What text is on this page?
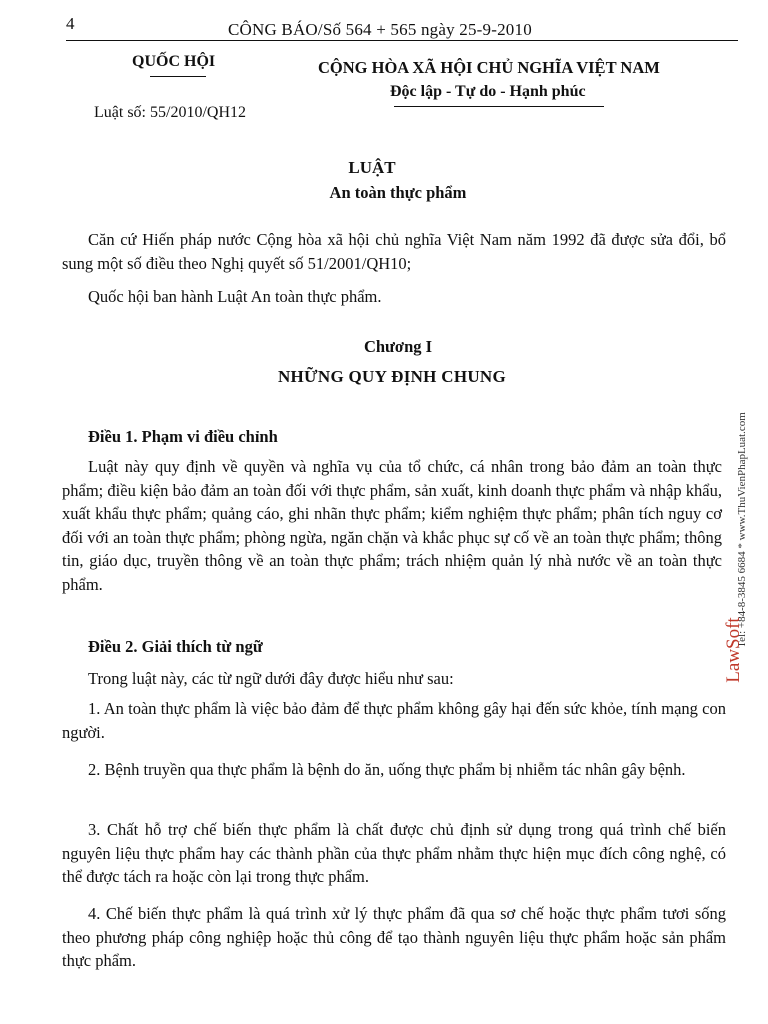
4	CÔNG BÁO/Số 564 + 565 ngày 25-9-2010
QUỐC HỘI
Luật số: 55/2010/QH12
CỘNG HÒA XÃ HỘI CHỦ NGHĨA VIỆT NAM
Độc lập - Tự do - Hạnh phúc
LUẬT
An toàn thực phẩm
Căn cứ Hiến pháp nước Cộng hòa xã hội chủ nghĩa Việt Nam năm 1992 đã được sửa đổi, bổ sung một số điều theo Nghị quyết số 51/2001/QH10;
Quốc hội ban hành Luật An toàn thực phẩm.
Chương I
NHỮNG QUY ĐỊNH CHUNG
Điều 1. Phạm vi điều chỉnh
Luật này quy định về quyền và nghĩa vụ của tổ chức, cá nhân trong bảo đảm an toàn thực phẩm; điều kiện bảo đảm an toàn đối với thực phẩm, sản xuất, kinh doanh thực phẩm và nhập khẩu, xuất khẩu thực phẩm; quảng cáo, ghi nhãn thực phẩm; kiểm nghiệm thực phẩm; phân tích nguy cơ đối với an toàn thực phẩm; phòng ngừa, ngăn chặn và khắc phục sự cố về an toàn thực phẩm; thông tin, giáo dục, truyền thông về an toàn thực phẩm; trách nhiệm quản lý nhà nước về an toàn thực phẩm.
Điều 2. Giải thích từ ngữ
Trong luật này, các từ ngữ dưới đây được hiểu như sau:
1. An toàn thực phẩm là việc bảo đảm để thực phẩm không gây hại đến sức khỏe, tính mạng con người.
2. Bệnh truyền qua thực phẩm là bệnh do ăn, uống thực phẩm bị nhiễm tác nhân gây bệnh.
3. Chất hỗ trợ chế biến thực phẩm là chất được chủ định sử dụng trong quá trình chế biến nguyên liệu thực phẩm hay các thành phần của thực phẩm nhằm thực hiện mục đích công nghệ, có thể được tách ra hoặc còn lại trong thực phẩm.
4. Chế biến thực phẩm là quá trình xử lý thực phẩm đã qua sơ chế hoặc thực phẩm tươi sống theo phương pháp công nghiệp hoặc thủ công để tạo thành nguyên liệu thực phẩm hoặc sản phẩm thực phẩm.
Tel: +84-8-3845 6684 * www.ThuVienPhapLuat.com
LawSoft
